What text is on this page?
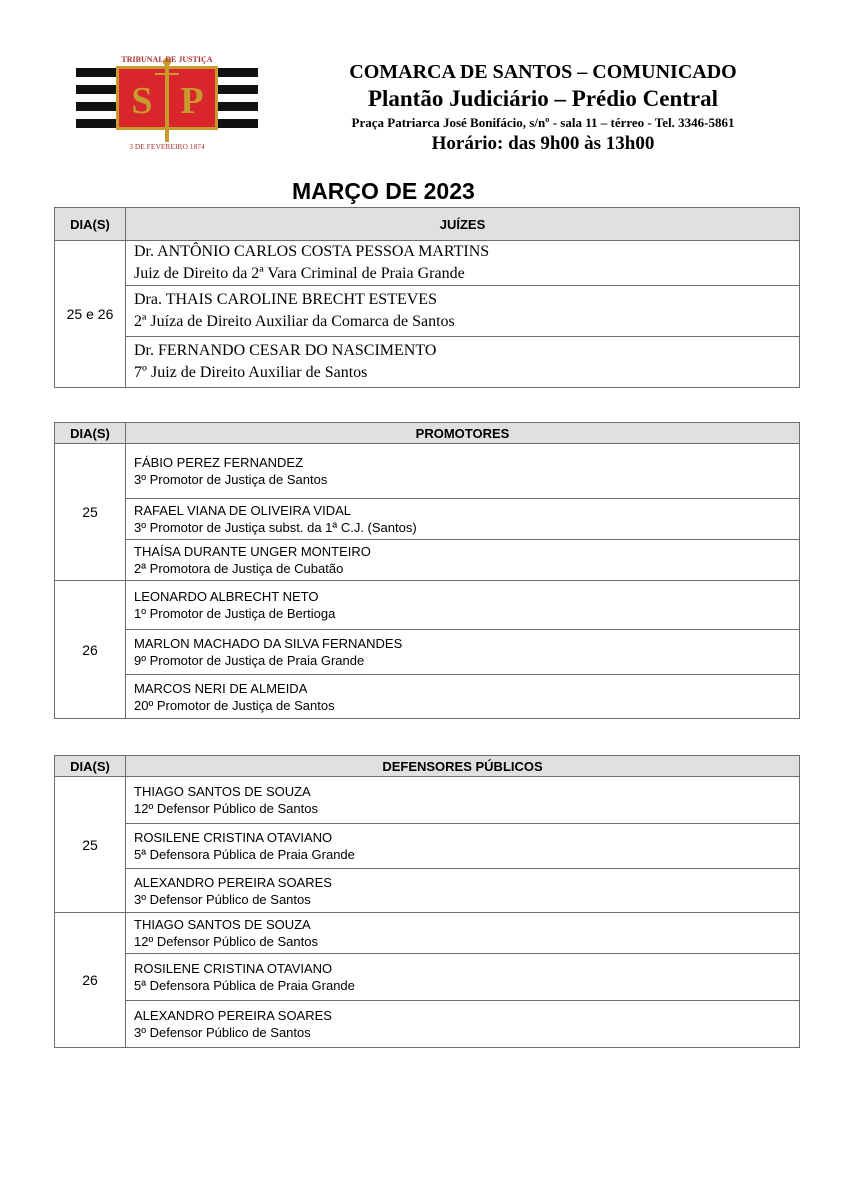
S P
TRIBUNAL DE JUSTIÇA
3 DE FEVEREIRO 1874
COMARCA DE SANTOS – COMUNICADO
Plantão Judiciário – Prédio Central
Praça Patriarca José Bonifácio, s/nº - sala 11 – térreo - Tel. 3346-5861
Horário: das 9h00 às 13h00
MARÇO DE 2023
DIA(S)	JUÍZES
25 e 26	Dr. ANTÔNIO CARLOS COSTA PESSOA MARTINS
Juiz de Direito da 2ª Vara Criminal de Praia Grande

	Dra. THAIS CAROLINE BRECHT ESTEVES
2ª Juíza de Direito Auxiliar da Comarca de Santos

	Dr. FERNANDO CESAR DO NASCIMENTO
7º Juiz de Direito Auxiliar de Santos
DIA(S)	PROMOTORES
25	FÁBIO PEREZ FERNANDEZ
3º Promotor de Justiça de Santos

	RAFAEL VIANA DE OLIVEIRA VIDAL
3º Promotor de Justiça subst. da 1ª C.J. (Santos)

	THAÍSA DURANTE UNGER MONTEIRO
2ª Promotora de Justiça de Cubatão

26	LEONARDO ALBRECHT NETO
1º Promotor de Justiça de Bertioga

	MARLON MACHADO DA SILVA FERNANDES
9º Promotor de Justiça de Praia Grande

	MARCOS NERI DE ALMEIDA
20º Promotor de Justiça de Santos
DIA(S)	DEFENSORES PÚBLICOS
25	THIAGO SANTOS DE SOUZA
12º Defensor Público de Santos

	ROSILENE CRISTINA OTAVIANO
5ª Defensora Pública de Praia Grande

	ALEXANDRO PEREIRA SOARES
3º Defensor Público de Santos

26	THIAGO SANTOS DE SOUZA
12º Defensor Público de Santos

	ROSILENE CRISTINA OTAVIANO
5ª Defensora Pública de Praia Grande

	ALEXANDRO PEREIRA SOARES
3º Defensor Público de Santos
